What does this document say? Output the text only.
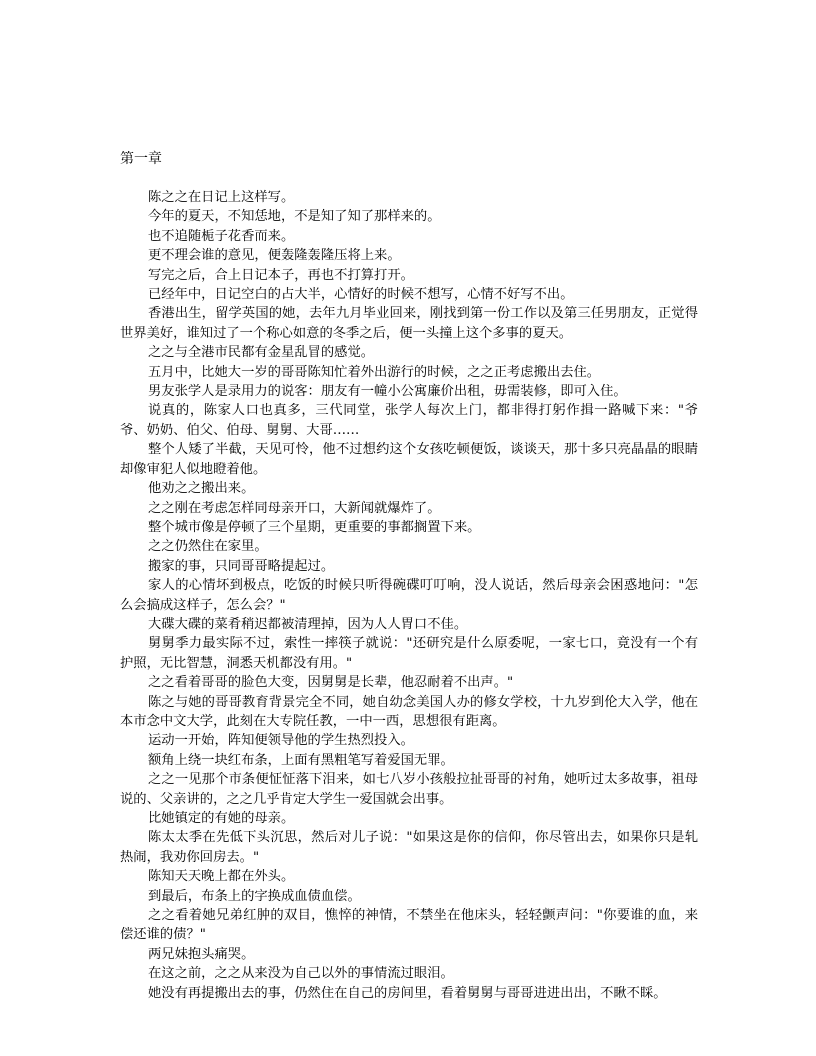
第一章

陈之之在日记上这样写。

今年的夏天，不知恁地，不是知了知了那样来的。

也不追随栀子花香而来。

更不理会谁的意见，便轰隆轰隆压将上来。

写完之后，合上日记本子，再也不打算打开。

已经年中，日记空白的占大半，心情好的时候不想写，心情不好写不出。

香港出生，留学英国的她，去年九月毕业回来，刚找到第一份工作以及第三任男朋友，正觉得世界美好，谁知过了一个称心如意的冬季之后，便一头撞上这个多事的夏天。

之之与全港市民都有金星乱冒的感觉。

五月中，比她大一岁的哥哥陈知忙着外出游行的时候，之之正考虑搬出去住。

男友张学人是录用力的说客：朋友有一幢小公寓廉价出租，毋需装修，即可入住。

说真的，陈家人口也真多，三代同堂，张学人每次上门，都非得打躬作揖一路喊下来："爷爷、奶奶、伯父、伯母、舅舅、大哥……

整个人矮了半截，天见可怜，他不过想约这个女孩吃顿便饭，谈谈天，那十多只亮晶晶的眼睛却像审犯人似地瞪着他。

他劝之之搬出来。

之之刚在考虑怎样同母亲开口，大新闻就爆炸了。

整个城市像是停顿了三个星期，更重要的事都搁置下来。

之之仍然住在家里。

搬家的事，只同哥哥略提起过。

家人的心情坏到极点，吃饭的时候只听得碗碟叮叮响，没人说话，然后母亲会困惑地问："怎么会搞成这样子，怎么会？"

大碟大碟的菜肴稍迟都被清理掉，因为人人胃口不佳。

舅舅季力最实际不过，索性一摔筷子就说："还研究是什么原委呢，一家七口，竟没有一个有护照，无比智慧，洞悉天机都没有用。"

之之看着哥哥的脸色大变，因舅舅是长辈，他忍耐着不出声。"

陈之与她的哥哥教育背景完全不同，她自幼念美国人办的修女学校，十九岁到伦大入学，他在本市念中文大学，此刻在大专院任教，一中一西，思想很有距离。

运动一开始，阵知便领导他的学生热烈投入。

额角上绕一块红布条，上面有黑粗笔写着爱国无罪。

之之一见那个市条便怔怔落下泪来，如七八岁小孩般拉扯哥哥的衬角，她听过太多故事，祖母说的、父亲讲的，之之几乎肯定大学生一爱国就会出事。

比她镇定的有她的母亲。

陈太太季在先低下头沉思，然后对儿子说："如果这是你的信仰，你尽管出去，如果你只是轧热闹，我劝你回房去。"

陈知天天晚上都在外头。

到最后，布条上的字换成血债血偿。

之之看着她兄弟红肿的双目，憔悴的神情，不禁坐在他床头，轻轻颤声问："你要谁的血，来偿还谁的债？"

两兄妹抱头痛哭。

在这之前，之之从来没为自己以外的事情流过眼泪。

她没有再提搬出去的事，仍然住在自己的房间里，看着舅舅与哥哥进进出出，不瞅不睬。
